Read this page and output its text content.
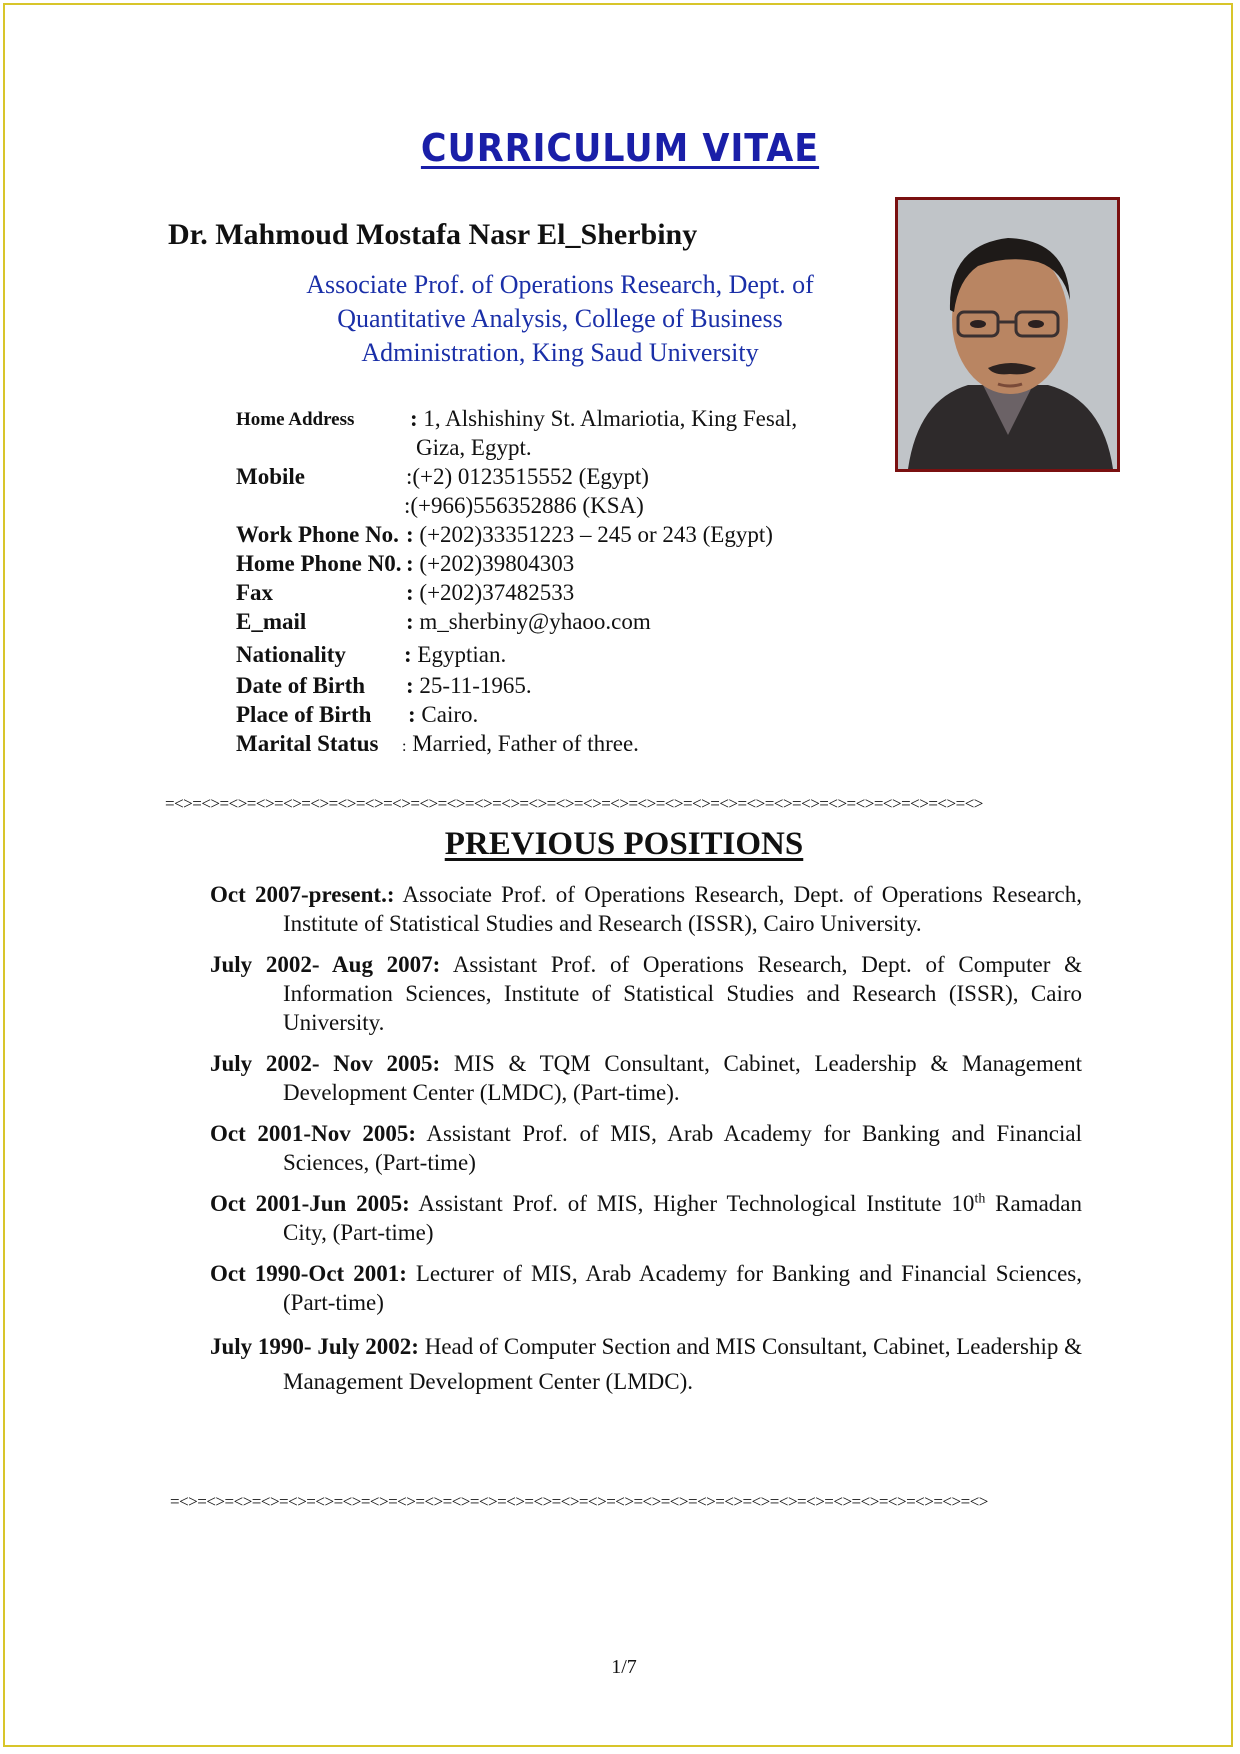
CURRICULUM VITAE
Dr. Mahmoud Mostafa Nasr El_Sherbiny
Associate Prof. of Operations Research, Dept. of
Quantitative Analysis, College of Business
Administration, King Saud University
Home Address : 1, Alshishiny St. Almariotia, King Fesal,
Giza, Egypt.
Mobile	:(+2) 0123515552 (Egypt)
:(+966)556352886 (KSA)
Work Phone No. : (+202)33351223 – 245 or 243 (Egypt)
Home Phone N0. : (+202)39804303
Fax	: (+202)37482533
E_mail	: m_sherbiny@yhaoo.com
Nationality	: Egyptian.
Date of Birth : 25-11-1965.
Place of Birth : Cairo.
Marital Status : Married, Father of three.
=<>=<>=<>=<>=<>=<>=<>=<>=<>=<>=<>=<>=<>=<>=<>=<>=<>=<>=<>=<>=<>=<>=<>=<>=<>=<>=<>=<>=<>=<>
PREVIOUS POSITIONS
Oct 2007-present.: Associate Prof. of Operations Research, Dept. of Operations Research, Institute of Statistical Studies and Research (ISSR), Cairo University.
July 2002- Aug 2007: Assistant Prof. of Operations Research, Dept. of Computer & Information Sciences, Institute of Statistical Studies and Research (ISSR), Cairo University.
July 2002- Nov 2005: MIS & TQM Consultant, Cabinet, Leadership & Management Development Center (LMDC), (Part-time).
Oct 2001-Nov 2005: Assistant Prof. of MIS, Arab Academy for Banking and Financial Sciences, (Part-time)
Oct 2001-Jun 2005: Assistant Prof. of MIS, Higher Technological Institute 10th Ramadan City, (Part-time)
Oct 1990-Oct 2001: Lecturer of MIS, Arab Academy for Banking and Financial Sciences, (Part-time)
July 1990- July 2002: Head of Computer Section and MIS Consultant, Cabinet, Leadership & Management Development Center (LMDC).
=<>=<>=<>=<>=<>=<>=<>=<>=<>=<>=<>=<>=<>=<>=<>=<>=<>=<>=<>=<>=<>=<>=<>=<>=<>=<>=<>=<>=<>=<>
1/7
